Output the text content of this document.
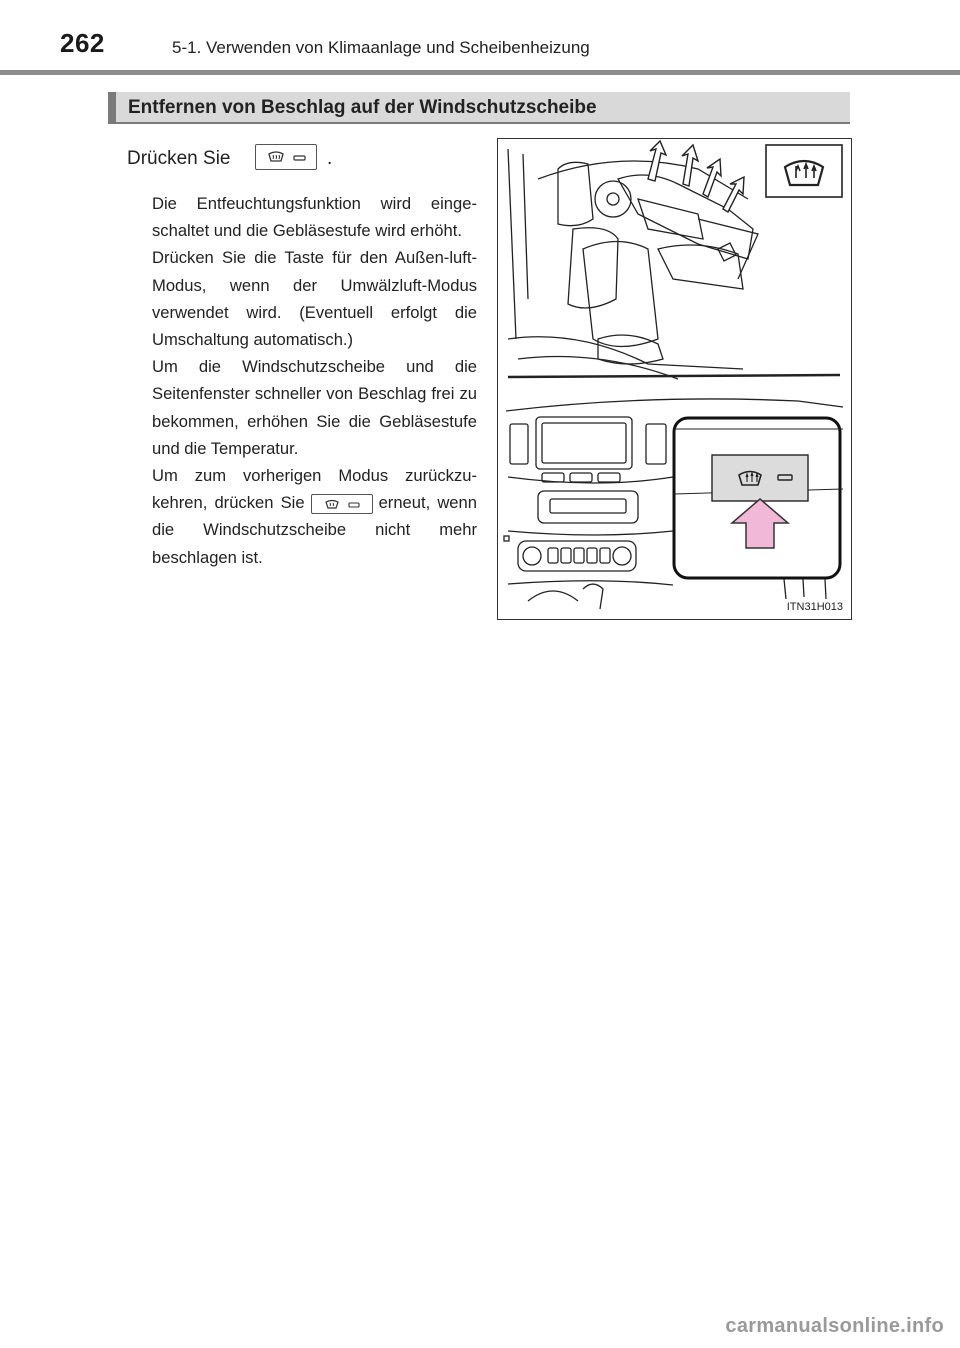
262	5-1. Verwenden von Klimaanlage und Scheibenheizung
Entfernen von Beschlag auf der Windschutzscheibe
Drücken Sie	.

Die Entfeuchtungsfunktion wird einge-schaltet und die Gebläsestufe wird erhöht.

Drücken Sie die Taste für den Außen-luft-Modus, wenn der Umwälzluft-Modus verwendet wird. (Eventuell erfolgt die Umschaltung automatisch.)

Um die Windschutzscheibe und die Seitenfenster schneller von Beschlag frei zu bekommen, erhöhen Sie die Gebläsestufe und die Temperatur.

Um zum vorherigen Modus zurückzu-kehren, drücken Sie	erneut, wenn die Windschutzscheibe nicht mehr beschlagen ist.

ITN31H013
carmanualsonline.info
